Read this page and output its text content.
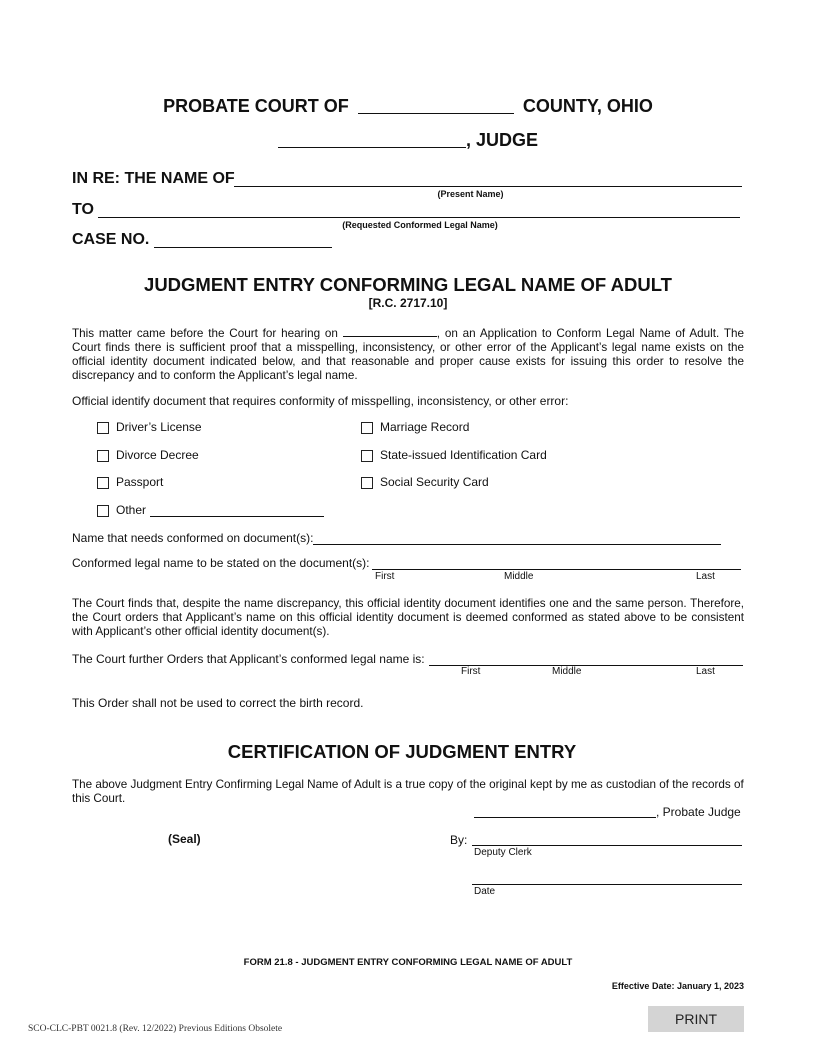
PROBATE COURT OF	COUNTY, OHIO
, JUDGE
IN RE: THE NAME OF
(Present Name)
TO
(Requested Conformed Legal Name)
CASE NO.
JUDGMENT ENTRY CONFORMING LEGAL NAME OF ADULT
[R.C. 2717.10]
This matter came before the Court for hearing on	, on an Application to Conform Legal Name of Adult. The Court finds there is sufficient proof that a misspelling, inconsistency, or other error of the Applicant’s legal name exists on the official identity document indicated below, and that reasonable and proper cause exists for issuing this order to resolve the discrepancy and to conform the Applicant’s legal name.
Official identify document that requires conformity of misspelling, inconsistency, or other error:
Driver’s License	Marriage Record
Divorce Decree	State-issued Identification Card
Passport	Social Security Card
Other
Name that needs conformed on document(s):
Conformed legal name to be stated on the document(s):
First	Middle	Last
The Court finds that, despite the name discrepancy, this official identity document identifies one and the same person. Therefore, the Court orders that Applicant’s name on this official identity document is deemed conformed as stated above to be consistent with Applicant’s other official identity document(s).
The Court further Orders that Applicant’s conformed legal name is:
First	Middle	Last
This Order shall not be used to correct the birth record.
CERTIFICATION OF JUDGMENT ENTRY
The above Judgment Entry Confirming Legal Name of Adult is a true copy of the original kept by me as custodian of the records of this Court.
, Probate Judge
(Seal)	By:
Deputy Clerk
Date
FORM 21.8 - JUDGMENT ENTRY CONFORMING LEGAL NAME OF ADULT
Effective Date: January 1, 2023
SCO-CLC-PBT 0021.8 (Rev. 12/2022) Previous Editions Obsolete
PRINT
